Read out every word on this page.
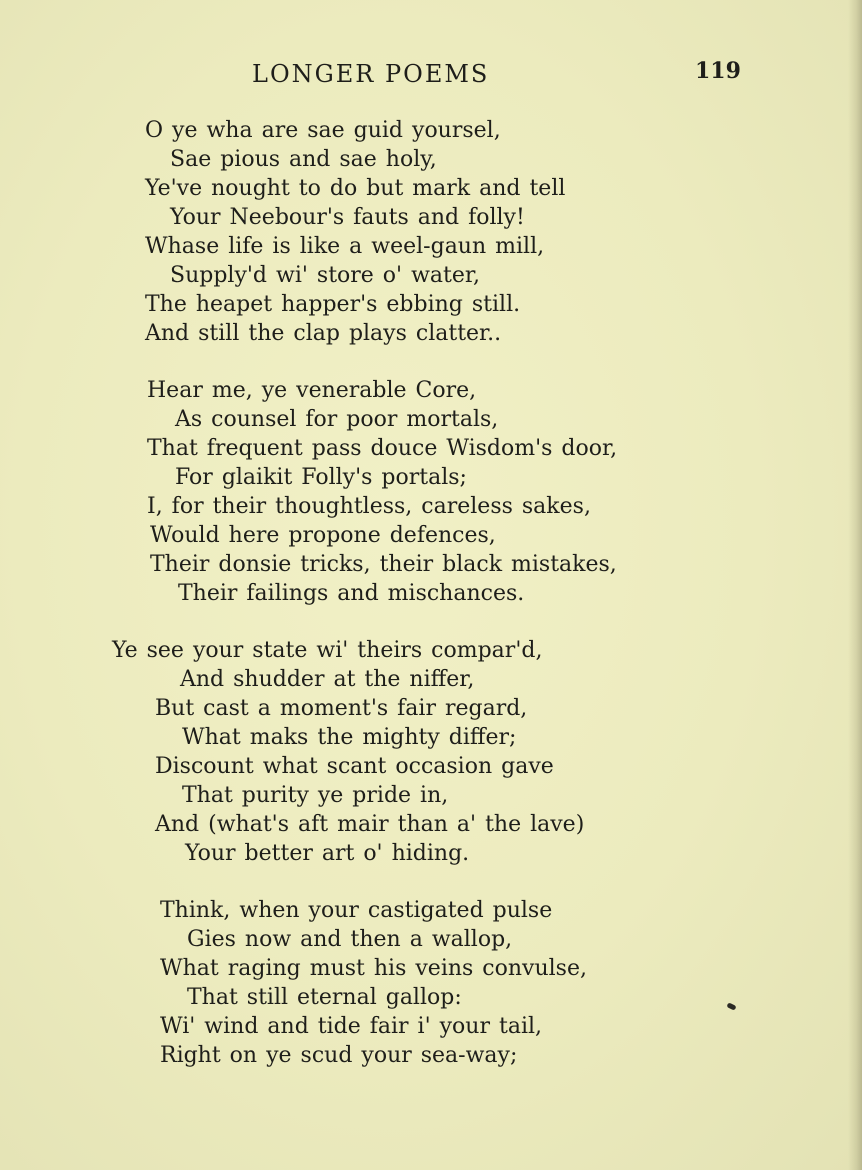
LONGER POEMS	119
O ye wha are sae guid yoursel,
Sae pious and sae holy,
Ye've nought to do but mark and tell
Your Neebour's fauts and folly!
Whase life is like a weel-gaun mill,
Supply'd wi' store o' water,
The heapet happer's ebbing still.
And still the clap plays clatter..
Hear me, ye venerable Core,
As counsel for poor mortals,
That frequent pass douce Wisdom's door,
For glaikit Folly's portals;
I, for their thoughtless, careless sakes,
Would here propone defences,
Their donsie tricks, their black mistakes,
Their failings and mischances.
Ye see your state wi' theirs compar'd,
And shudder at the niffer,
But cast a moment's fair regard,
What maks the mighty differ;
Discount what scant occasion gave
That purity ye pride in,
And (what's aft mair than a' the lave)
Your better art o' hiding.
Think, when your castigated pulse
Gies now and then a wallop,
What raging must his veins convulse,
That still eternal gallop:
Wi' wind and tide fair i' your tail,
Right on ye scud your sea-way;
